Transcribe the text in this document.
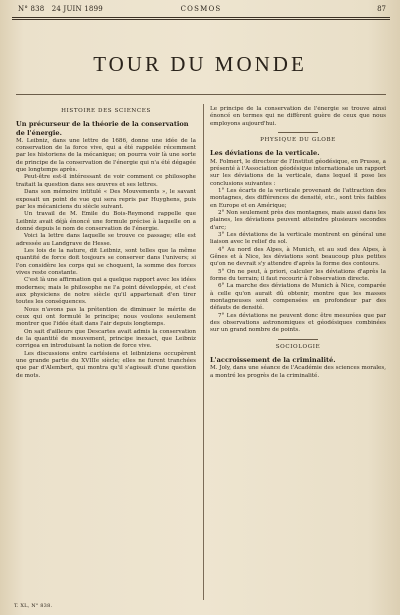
N° 838 24 JUIN 1899	COSMOS	87
TOUR DU MONDE
HISTOIRE DES SCIENCES
Un précurseur de la théorie de la conservation de l'énergie.

M. Leibniz, dans une lettre de 1686, donne une idée de la conservation de la force vive, qui a été rappelée récemment par les historiens de la mécanique; on pourra voir là une sorte de principe de la conservation de l'énergie qui n'a été dégagée que longtemps après.

Peut-être est-il intéressant de voir comment ce philosophe traitait la question dans ses œuvres et ses lettres.

Dans son mémoire intitulé « Des Mouvements », le savant exposait un point de vue qui sera repris par Huyghens, puis par les mécaniciens du siècle suivant.

Un travail de M. Emile du Bois-Reymond rappelle que Leibniz avait déjà énoncé une formule précise à laquelle on a donné depuis le nom de conservation de l'énergie.

Voici la lettre dans laquelle se trouve ce passage; elle est adressée au Landgrave de Hesse.

Les lois de la nature, dit Leibniz, sont telles que la même quantité de force doit toujours se conserver dans l'univers; si l'on considère les corps qui se choquent, la somme des forces vives reste constante.

C'est là une affirmation qui a quelque rapport avec les idées modernes; mais le philosophe ne l'a point développée, et c'est aux physiciens de notre siècle qu'il appartenait d'en tirer toutes les conséquences.

Nous n'avons pas la prétention de diminuer le mérite de ceux qui ont formulé le principe; nous voulons seulement montrer que l'idée était dans l'air depuis longtemps.

On sait d'ailleurs que Descartes avait admis la conservation de la quantité de mouvement, principe inexact, que Leibniz corrigea en introduisant la notion de force vive.

Les discussions entre cartésiens et leibniziens occupèrent une grande partie du XVIIIe siècle; elles ne furent tranchées que par d'Alembert, qui montra qu'il s'agissait d'une question de mots.

Le principe de la conservation de l'énergie se trouve ainsi énoncé en termes qui ne diffèrent guère de ceux que nous employons aujourd'hui.

PHYSIQUE DU GLOBE
Les déviations de la verticale.

M. Folmert, le directeur de l'Institut géodésique, en Prusse, a présenté à l'Association géodésique internationale un rapport sur les déviations de la verticale, dans lequel il pose les conclusions suivantes :

1° Les écarts de la verticale provenant de l'attraction des montagnes, des différences de densité, etc., sont très faibles en Europe et en Amérique;

2° Non seulement près des montagnes, mais aussi dans les plaines, les déviations peuvent atteindre plusieurs secondes d'arc;

3° Les déviations de la verticale montrent en général une liaison avec le relief du sol.

4° Au nord des Alpes, à Munich, et au sud des Alpes, à Gênes et à Nice, les déviations sont beaucoup plus petites qu'on ne devrait s'y attendre d'après la forme des contours.

5° On ne peut, à priori, calculer les déviations d'après la forme du terrain; il faut recourir à l'observation directe.

6° La marche des déviations de Munich à Nice, comparée à celle qu'on aurait dû obtenir, montre que les masses montagneuses sont compensées en profondeur par des défauts de densité.

7° Les déviations ne peuvent donc être mesurées que par des observations astronomiques et géodésiques combinées sur un grand nombre de points.

SOCIOLOGIE
L'accroissement de la criminalité.

M. Joly, dans une séance de l'Académie des sciences morales, a montré les progrès de la criminalité.

T. XL, N° 838.
